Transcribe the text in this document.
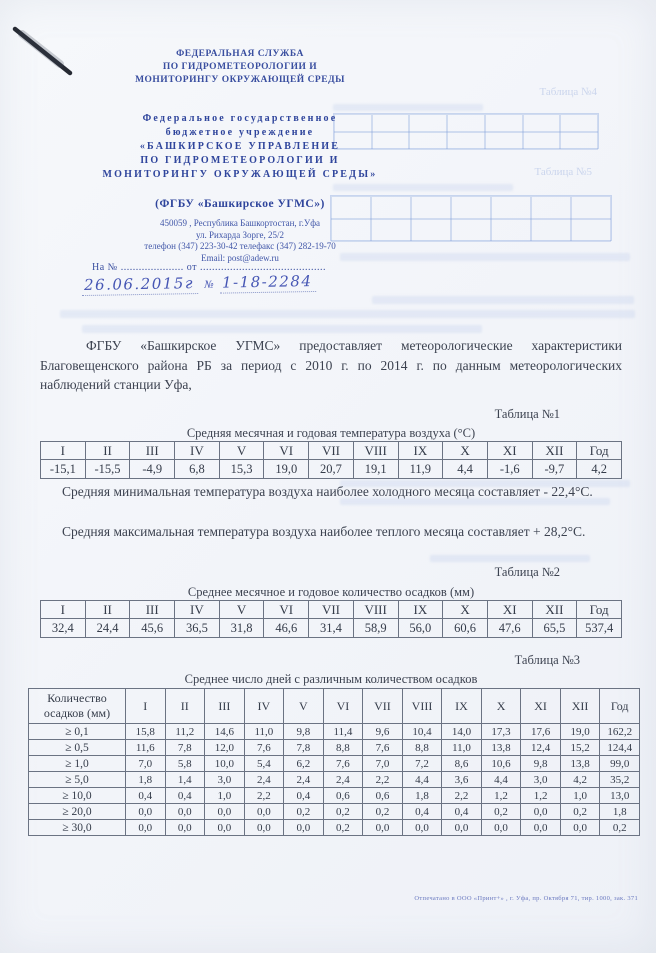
Таблица №4
Таблица №5
ФЕДЕРАЛЬНАЯ СЛУЖБА
ПО ГИДРОМЕТЕОРОЛОГИИ И
МОНИТОРИНГУ ОКРУЖАЮЩЕЙ СРЕДЫ
Федеральное государственное
бюджетное учреждение
«БАШКИРСКОЕ УПРАВЛЕНИЕ
ПО ГИДРОМЕТЕОРОЛОГИИ И
МОНИТОРИНГУ ОКРУЖАЮЩЕЙ СРЕДЫ»
(ФГБУ «Башкирское УГМС»)
450059 , Республика Башкортостан, г.Уфа
ул. Рихарда Зорге, 25/2
телефон (347) 223-30-42 телефакс (347) 282-19-70
Email: post@adew.ru
На № ..................... от ..........................................
26.06.2015г № 1-18-2284

ФГБУ «Башкирское УГМС» предоставляет метеорологические характеристики Благовещенского района РБ за период с 2010 г. по 2014 г. по данным метеорологических наблюдений станции Уфа,

Таблица №1
Средняя месячная и годовая температура воздуха (°С)
I	II	III	IV	V	VI	VII	VIII	IX	X	XI	XII	Год
-15,1	-15,5	-4,9	6,8	15,3	19,0	20,7	19,1	11,9	4,4	-1,6	-9,7	4,2

Средняя минимальная температура воздуха наиболее холодного месяца составляет - 22,4°С.

Средняя максимальная температура воздуха наиболее теплого месяца составляет + 28,2°С.

Таблица №2
Среднее месячное и годовое количество осадков (мм)
I	II	III	IV	V	VI	VII	VIII	IX	X	XI	XII	Год
32,4	24,4	45,6	36,5	31,8	46,6	31,4	58,9	56,0	60,6	47,6	65,5	537,4
Таблица №3
Среднее число дней с различным количеством осадков
Количество осадков (мм)	I	II	III	IV	V	VI	VII	VIII	IX	X	XI	XII	Год
≥ 0,1	15,8	11,2	14,6	11,0	9,8	11,4	9,6	10,4	14,0	17,3	17,6	19,0	162,2
≥ 0,5	11,6	7,8	12,0	7,6	7,8	8,8	7,6	8,8	11,0	13,8	12,4	15,2	124,4
≥ 1,0	7,0	5,8	10,0	5,4	6,2	7,6	7,0	7,2	8,6	10,6	9,8	13,8	99,0
≥ 5,0	1,8	1,4	3,0	2,4	2,4	2,4	2,2	4,4	3,6	4,4	3,0	4,2	35,2
≥ 10,0	0,4	0,4	1,0	2,2	0,4	0,6	0,6	1,8	2,2	1,2	1,2	1,0	13,0
≥ 20,0	0,0	0,0	0,0	0,0	0,2	0,2	0,2	0,4	0,4	0,2	0,0	0,2	1,8
≥ 30,0	0,0	0,0	0,0	0,0	0,0	0,2	0,0	0,0	0,0	0,0	0,0	0,0	0,2
Отпечатано в ООО «Принт+» , г. Уфа, пр. Октября 71, тир. 1000, зак. 371
